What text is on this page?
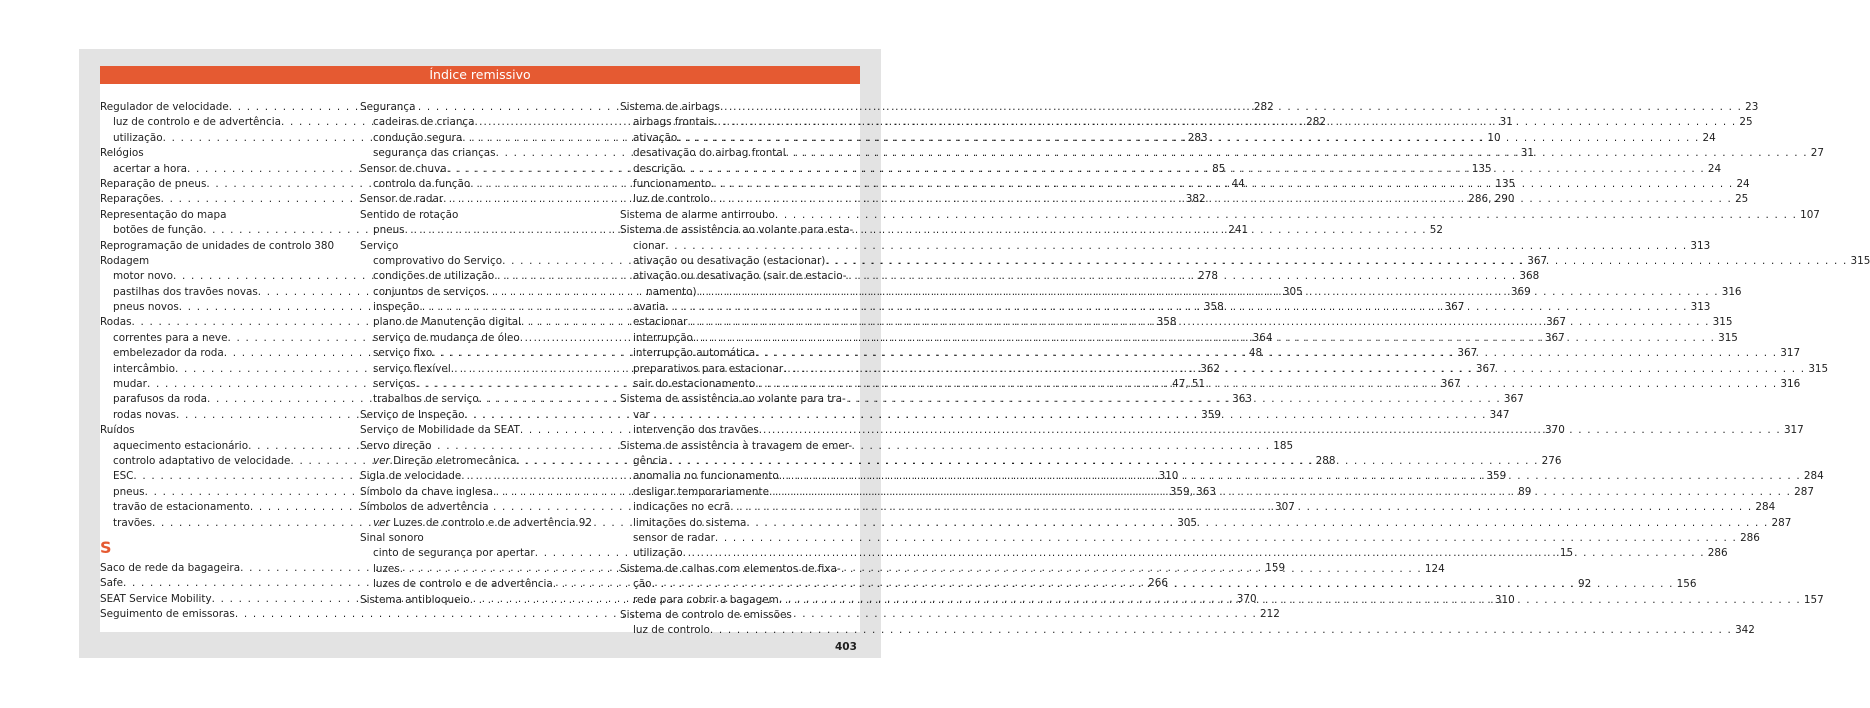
Índice remissivo
Regulador de velocidade . . .	282
luz de controlo e de advertência . . .	282
utilização . . .	283
Relógios
acertar a hora . . .	85
Reparação de pneus . . .	44
Reparações . . .	382
Representação do mapa
botões de função . . .	241
Reprogramação de unidades de controlo 380
Rodagem
motor novo . . .	278
pastilhas dos travões novas . . .	305
pneus novos . . .	358
Rodas . . .	358
correntes para a neve . . .	364
embelezador da roda . . .	48
intercâmbio . . .	362
mudar . . .	47, 51
parafusos da roda . . .	363
rodas novas . . .	359
Ruídos
aquecimento estacionário . . .	185
controlo adaptativo de velocidade . . .	288
ESC . . .	310
pneus . . .	359, 363
travão de estacionamento . . .	307
travões . . .	305
S
Saco de rede da bagageira . . .	159
Safe . . .	266
SEAT Service Mobility . . .	370
Seguimento de emissoras . . .	212
Segurança
cadeiras de criança . . .	31
condução segura . . .	10
segurança das crianças . . .	31
Sensor de chuva . . .	135
controlo da função . . .	135
Sensor de radar . . .	286, 290
Sentido de rotação
pneus . . .	52
Serviço
comprovativo do Serviço . . .	367
condições de utilização . . .	368
conjuntos de serviços . . .	369
inspeção . . .	367
plano de Manutenção digital . . .	367
serviço de mudança de óleo . . .	367
serviço fixo . . .	367
serviço flexível . . .	367
serviços . . .	367
trabalhos de serviço . . .	367
Serviço de Inspeção . . .	347
Serviço de Mobilidade da SEAT . . .	370
Servo direção
ver Direção eletromecânica . . .	276
Sigla de velocidade . . .	359
Símbolo da chave inglesa . . .	89
Símbolos de advertência
ver Luzes de controlo e de advertência . . . 92
Sinal sonoro
cinto de segurança por apertar . . .	15
luzes . . .	124
luzes de controlo e de advertência . . .	92
Sistema antibloqueio . . .	310
Sistema de airbags . . .	23
airbags frontais . . .	25
ativação . . .	24
desativação do airbag frontal . . .	27
descrição . . .	24
funcionamento . . .	24
luz de controlo . . .	25
Sistema de alarme antirroubo . . .	107
Sistema de assistência ao volante para esta-
cionar . . .	313
ativação ou desativação (estacionar) . . .	315
ativação ou desativação (sair de estacio-
namento) . . .	316
avaria . . .	313
estacionar . . .	315
interrupção . . .	315
interrupção automática . . .	317
preparativos para estacionar . . .	315
sair do estacionamento . . .	316
Sistema de assistência ao volante para tra-
var
intervenção dos travões . . .	317
Sistema de assistência à travagem de emer-
gência
anomalia no funcionamento . . .	284
desligar temporariamente . . .	287
indicações no ecrã . . .	284
limitações do sistema . . .	287
sensor de radar . . .	286
utilização . . .	286
Sistema de calhas com elementos de fixa-
ção . . .	156
rede para cobrir a bagagem . . .	157
Sistema de controlo de emissões
luz de controlo . . .	342
403
